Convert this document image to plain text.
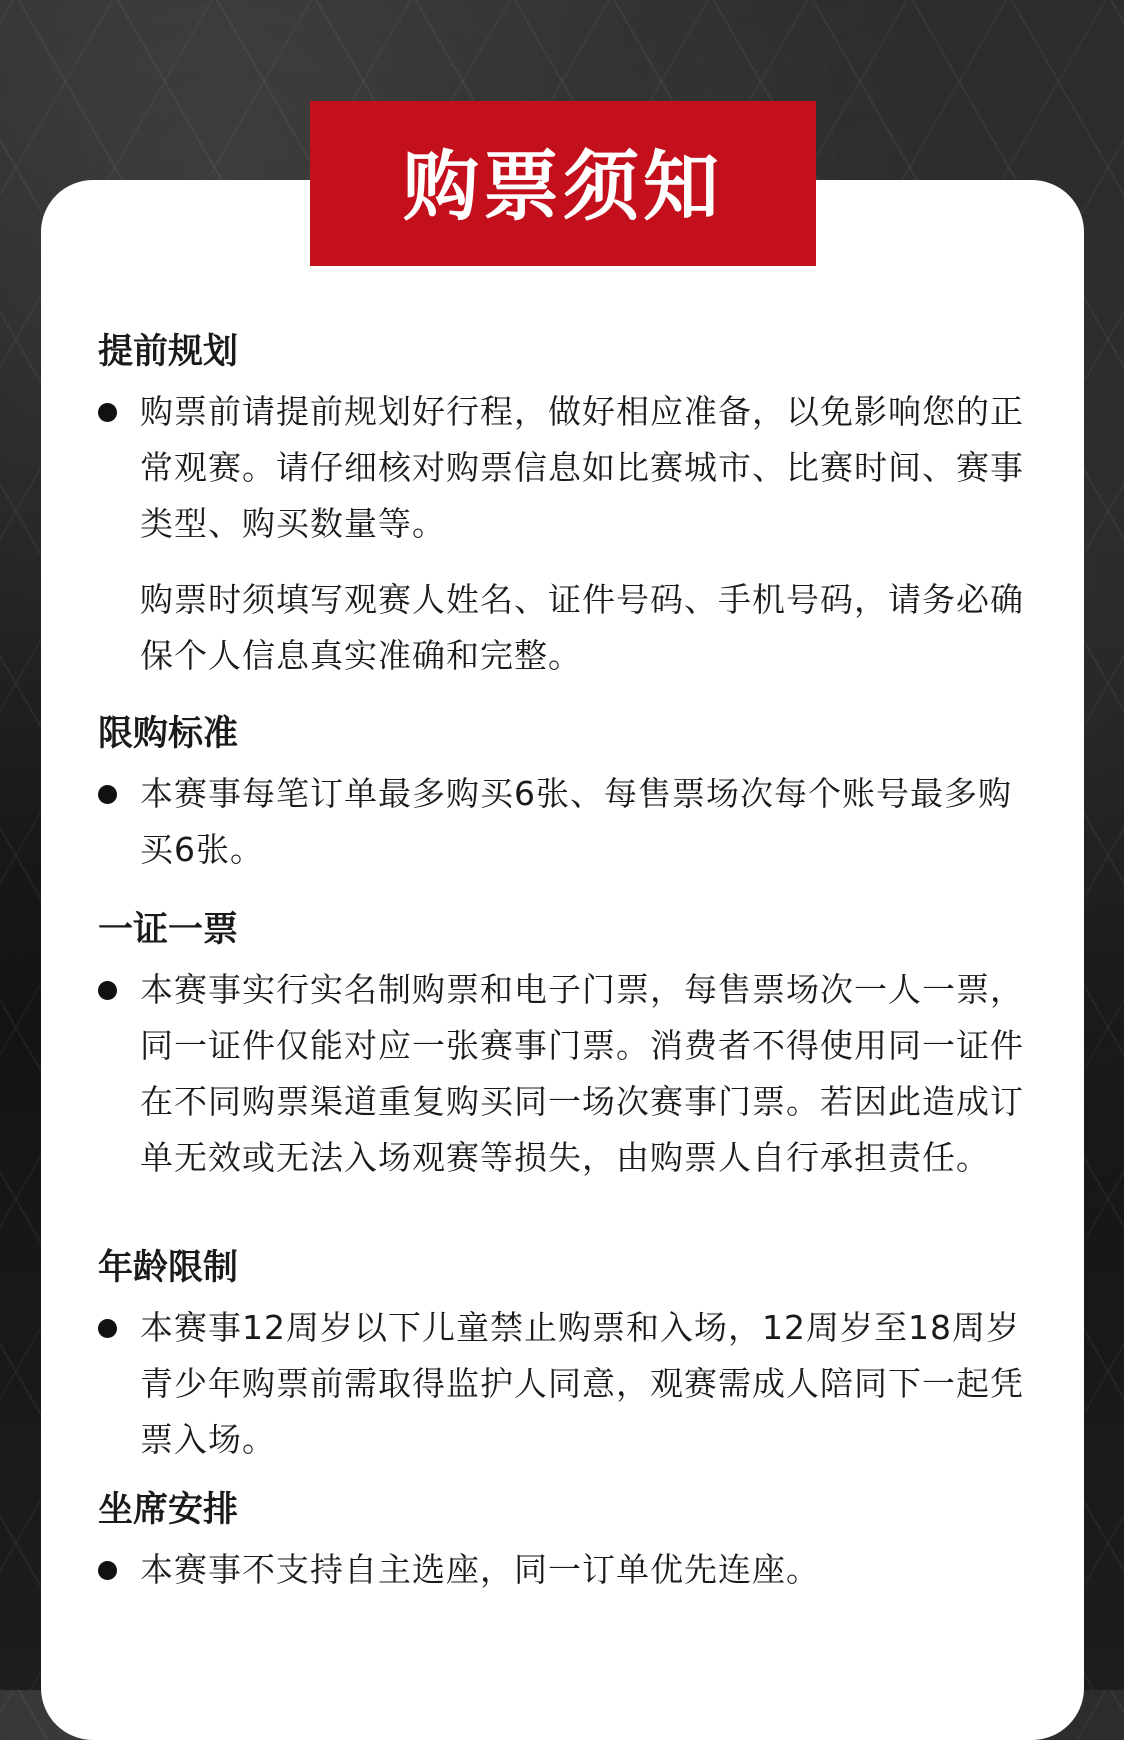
购票须知
提前规划
购票前请提前规划好行程，做好相应准备，以免影响您的正常观赛。请仔细核对购票信息如比赛城市、比赛时间、赛事类型、购买数量等。
购票时须填写观赛人姓名、证件号码、手机号码，请务必确保个人信息真实准确和完整。
限购标准
本赛事每笔订单最多购买6张、每售票场次每个账号最多购买6张。
一证一票
本赛事实行实名制购票和电子门票，每售票场次一人一票，同一证件仅能对应一张赛事门票。消费者不得使用同一证件在不同购票渠道重复购买同一场次赛事门票。若因此造成订单无效或无法入场观赛等损失，由购票人自行承担责任。
年龄限制
本赛事12周岁以下儿童禁止购票和入场，12周岁至18周岁青少年购票前需取得监护人同意，观赛需成人陪同下一起凭票入场。
坐席安排
本赛事不支持自主选座，同一订单优先连座。
